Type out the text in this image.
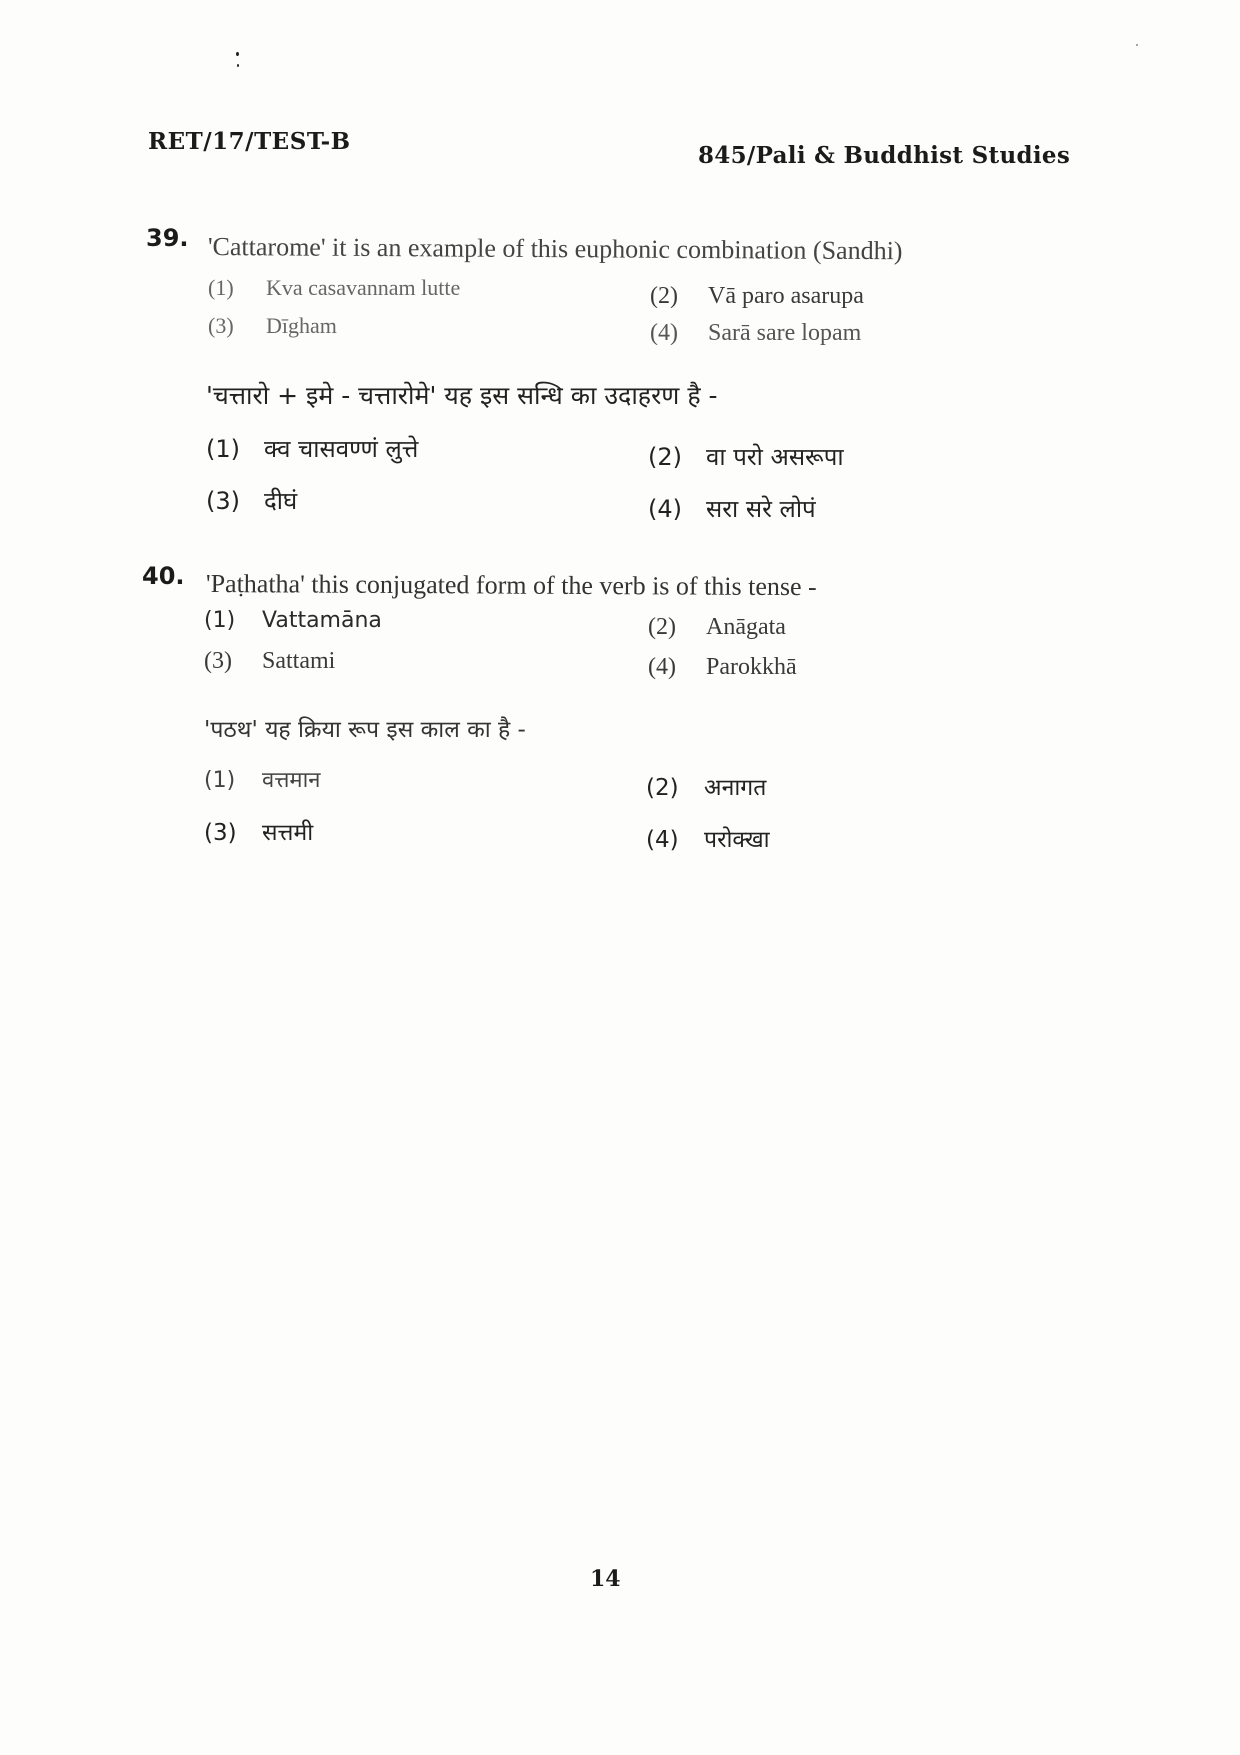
RET/17/TEST-B
845/Pali & Buddhist Studies
39. 'Cattarome' it is an example of this euphonic combination (Sandhi)
(1) Kva casavannam lutte	(2) Vā paro asarupa
(3) Dīgham	(4) Sarā sare lopam
'चत्तारो + इमे - चत्तारोमे' यह इस सन्धि का उदाहरण है -
(1) क्व चासवण्णं लुत्ते	(2) वा परो असरूपा
(3) दीघं	(4) सरा सरे लोपं
40. 'Paṭhatha' this conjugated form of the verb is of this tense -
(1) Vattamāna	(2) Anāgata
(3) Sattami	(4) Parokkhā
'पठथ' यह क्रिया रूप इस काल का है -
(1) वत्तमान	(2) अनागत
(3) सत्तमी	(4) परोक्खा
14
